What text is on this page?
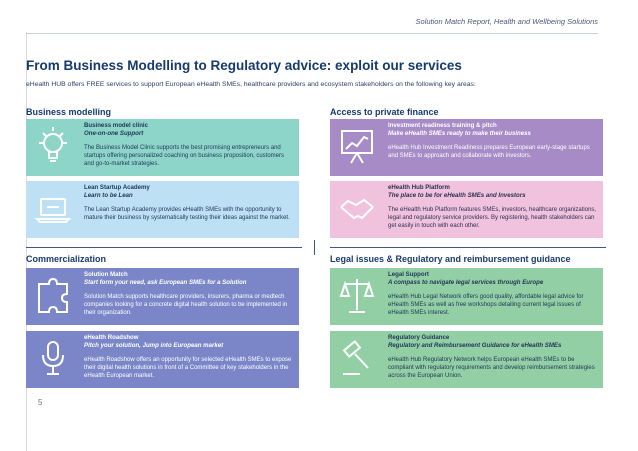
Solution Match Report, Health and Wellbeing Solutions
From Business Modelling to Regulatory advice: exploit our services
eHealth HUB offers FREE services to support European eHealth SMEs, healthcare providers and ecosystem stakeholders on the following key areas:
Business modelling	Access to private finance
Commercialization	Legal issues & Regulatory and reimbursement guidance
Business model clinic
One-on-one Support
The Business Model Clinic supports the best promising entrepreneurs and startups offering personalized coaching on business proposition, customers and go-to-market strategies.
Lean Startup Academy
Learn to be Lean
The Lean Startup Academy provides eHealth SMEs with the opportunity to mature their business by systematically testing their ideas against the market.
Investment readiness training & pitch
Make eHealth SMEs ready to make their business
eHealth Hub Investment Readiness prepares European early-stage startups and SMEs to approach and collaborate with investors.
eHealth Hub Platform
The place to be for eHealth SMEs and Investors
The eHealth Hub Platform features SMEs, investors, healthcare organizations, legal and regulatory service providers. By registering, health stakeholders can get easily in touch with each other.
Solution Match
Start form your need, ask European SMEs for a Solution
Solution Match supports healthcare providers, insurers, pharma or medtech companies looking for a concrete digital health solution to be implemented in their organization.
eHealth Roadshow
Pitch your solution, Jump into European market
eHealth Roadshow offers an opportunity for selected eHealth SMEs to expose their digital health solutions in front of a Committee of key stakeholders in the eHealth European market.
Legal Support
A compass to navigate legal services through Europe
eHealth Hub Legal Network offers good quality, affordable legal advice for eHealth SMEs as well as free workshops detailing current legal issues of eHealth SMEs interest.
Regulatory Guidance
Regulatory and Reimbursement Guidance for eHealth SMEs
eHealth Hub Regulatory Network helps European eHealth SMEs to be compliant with regulatory requirements and develop reimbursement strategies across the European Union.
5
